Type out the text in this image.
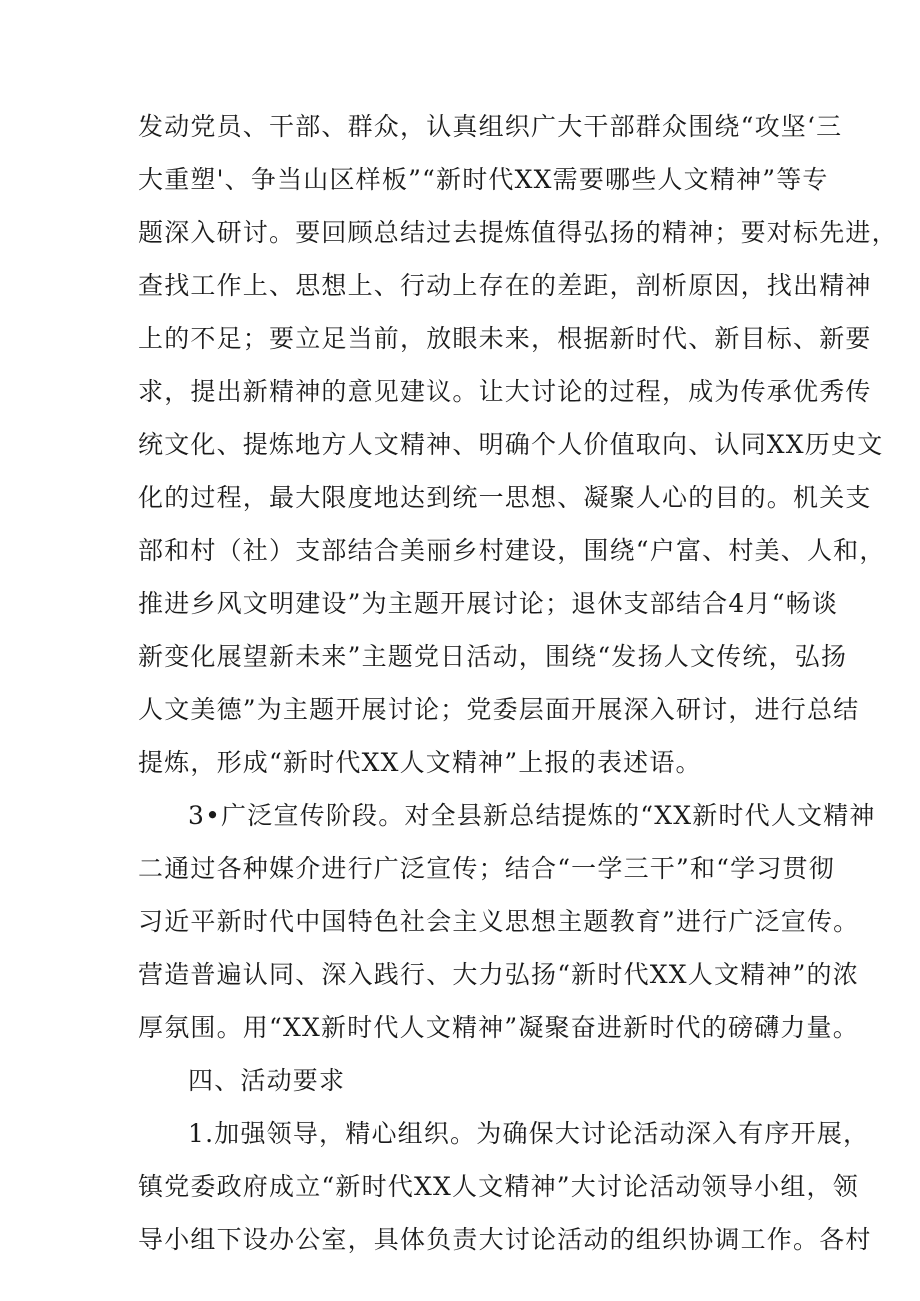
发动党员、干部、群众，认真组织广大干部群众围绕“攻坚‘三
大重塑'、争当山区样板”“新时代XX需要哪些人文精神”等专
题深入研讨。要回顾总结过去提炼值得弘扬的精神；要对标先进，
查找工作上、思想上、行动上存在的差距，剖析原因，找出精神
上的不足；要立足当前，放眼未来，根据新时代、新目标、新要
求，提出新精神的意见建议。让大讨论的过程，成为传承优秀传
统文化、提炼地方人文精神、明确个人价值取向、认同XX历史文
化的过程，最大限度地达到统一思想、凝聚人心的目的。机关支
部和村（社）支部结合美丽乡村建设，围绕“户富、村美、人和，
推进乡风文明建设”为主题开展讨论；退休支部结合4月“畅谈
新变化展望新未来”主题党日活动，围绕“发扬人文传统，弘扬
人文美德”为主题开展讨论；党委层面开展深入研讨，进行总结
提炼，形成“新时代XX人文精神”上报的表述语。
3•广泛宣传阶段。对全县新总结提炼的“XX新时代人文精神
二通过各种媒介进行广泛宣传；结合“一学三干”和“学习贯彻
习近平新时代中国特色社会主义思想主题教育”进行广泛宣传。
营造普遍认同、深入践行、大力弘扬“新时代XX人文精神”的浓
厚氛围。用“XX新时代人文精神”凝聚奋进新时代的磅礴力量。
四、活动要求
1.加强领导，精心组织。为确保大讨论活动深入有序开展，
镇党委政府成立“新时代XX人文精神”大讨论活动领导小组，领
导小组下设办公室，具体负责大讨论活动的组织协调工作。各村
